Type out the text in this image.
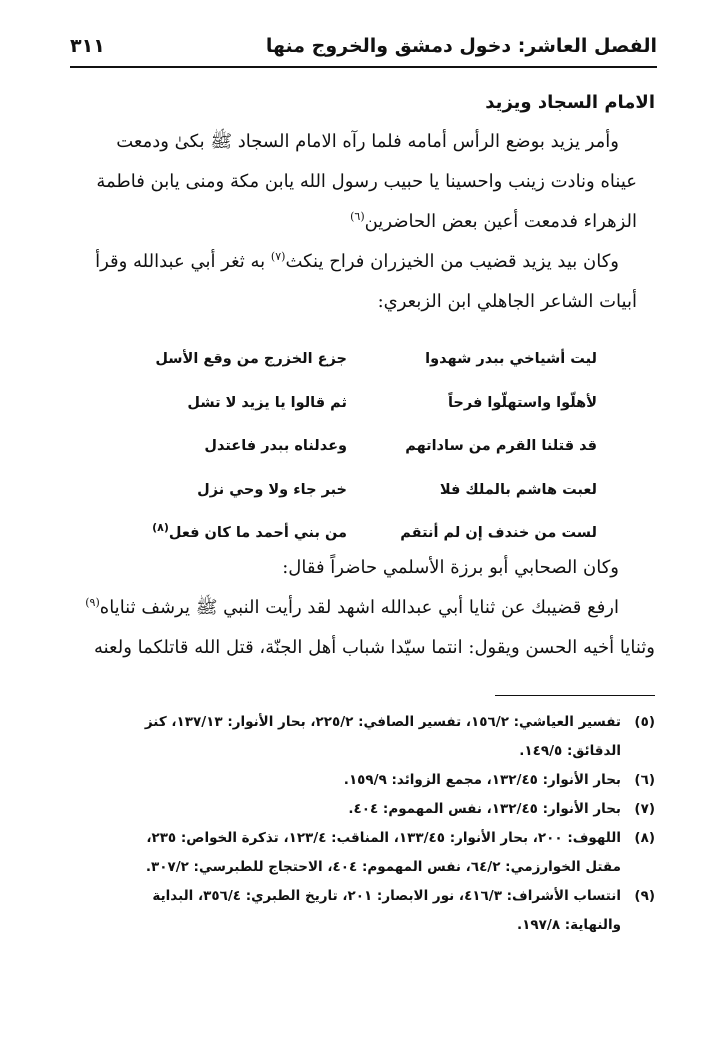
الفصل العاشر: دخول دمشق والخروج منها
٣١١
الامام السجاد ويزيد

وأمر يزيد بوضع الرأس أمامه فلما رآه الامام السجاد ﷺ بكىٰ ودمعت
عيناه ونادت زينب واحسينا يا حبيب رسول الله يابن مكة ومنى يابن فاطمة
الزهراء فدمعت أعين بعض الحاضرين$^{(٦)}$

وكان بيد يزيد قضيب من الخيزران فراح ينكث$^{(٧)}$ به ثغر أبي عبدالله وقرأ
أبيات الشاعر الجاهلي ابن الزبعري:

ليت أشياخي ببدر شهدوا
جزع الخزرج من وقع الأسل
لأهلّوا واستهلّوا فرحاً
ثم قالوا يا يزيد لا تشل
قد قتلنا القرم من ساداتهم
وعدلناه ببدر فاعتدل
لعبت هاشم بالملك فلا
خبر جاء ولا وحي نزل
لست من خندف إن لم أنتقم
من بني أحمد ما كان فعل$^{(٨)}$

وكان الصحابي أبو برزة الأسلمي حاضراً فقال:

ارفع قضيبك عن ثنايا أبي عبدالله اشهد لقد رأيت النبي ﷺ يرشف ثناياه$^{(٩)}$
وثنايا أخيه الحسن ويقول: انتما سيّدا شباب أهل الجنّة، قتل الله قاتلكما ولعنه

(٥)
تفسير العياشي: ١٥٦/٢، تفسير الصافي: ٢٢٥/٢، بحار الأنوار: ١٣٧/١٣، كنز
الدقائق: ١٤٩/٥.
(٦)
بحار الأنوار: ١٣٢/٤٥، مجمع الزوائد: ١٥٩/٩.
(٧)
بحار الأنوار: ١٣٢/٤٥، نفس المهموم: ٤٠٤.
(٨)
اللهوف: ٢٠٠، بحار الأنوار: ١٣٣/٤٥، المناقب: ١٢٣/٤، تذكرة الخواص: ٢٣٥،
مقتل الخوارزمي: ٦٤/٢، نفس المهموم: ٤٠٤، الاحتجاج للطبرسي: ٣٠٧/٢.
(٩)
انتساب الأشراف: ٤١٦/٣، نور الابصار: ٢٠١، تاريخ الطبري: ٣٥٦/٤، البداية
والنهاية: ١٩٧/٨.
